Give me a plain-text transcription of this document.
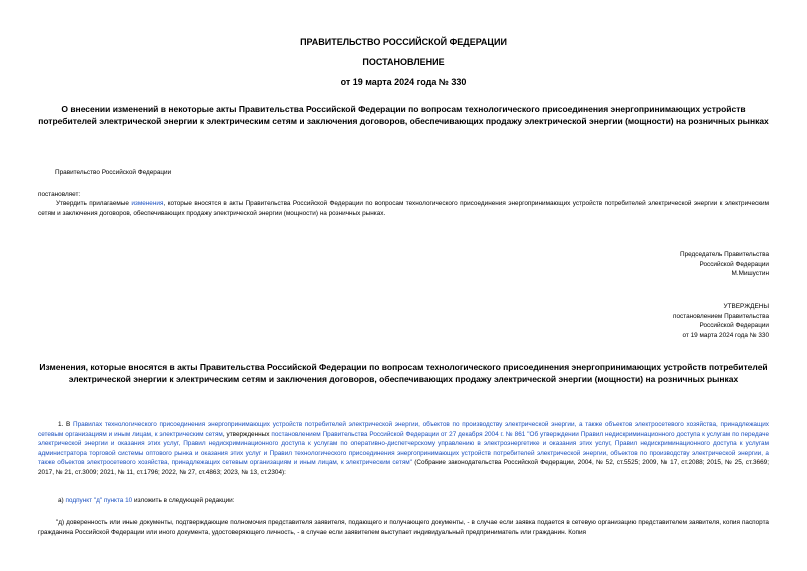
ПРАВИТЕЛЬСТВО РОССИЙСКОЙ ФЕДЕРАЦИИ
ПОСТАНОВЛЕНИЕ
от 19 марта 2024 года № 330
О внесении изменений в некоторые акты Правительства Российской Федерации по вопросам технологического присоединения энергопринимающих устройств потребителей электрической энергии к электрическим сетям и заключения договоров, обеспечивающих продажу электрической энергии (мощности) на розничных рынках
Правительство Российской Федерации
постановляет:
Утвердить прилагаемые изменения, которые вносятся в акты Правительства Российской Федерации по вопросам технологического присоединения энергопринимающих устройств потребителей электрической энергии к электрическим сетям и заключения договоров, обеспечивающих продажу электрической энергии (мощности) на розничных рынках.
Председатель Правительства
Российской Федерации
М.Мишустин
УТВЕРЖДЕНЫ
постановлением Правительства
Российской Федерации
от 19 марта 2024 года № 330
Изменения, которые вносятся в акты Правительства Российской Федерации по вопросам технологического присоединения энергопринимающих устройств потребителей электрической энергии к электрическим сетям и заключения договоров, обеспечивающих продажу электрической энергии (мощности) на розничных рынках
1. В Правилах технологического присоединения энергопринимающих устройств потребителей электрической энергии, объектов по производству электрической энергии, а также объектов электросетевого хозяйства, принадлежащих сетевым организациям и иным лицам, к электрическим сетям, утвержденных постановлением Правительства Российской Федерации от 27 декабря 2004 г. № 861 "Об утверждении Правил недискриминационного доступа к услугам по передаче электрической энергии и оказания этих услуг, Правил недискриминационного доступа к услугам по оперативно-диспетчерскому управлению в электроэнергетике и оказания этих услуг, Правил недискриминационного доступа к услугам администратора торговой системы оптового рынка и оказания этих услуг и Правил технологического присоединения энергопринимающих устройств потребителей электрической энергии, объектов по производству электрической энергии, а также объектов электросетевого хозяйства, принадлежащих сетевым организациям и иным лицам, к электрическим сетям" (Собрание законодательства Российской Федерации, 2004, № 52, ст.5525; 2009, № 17, ст.2088; 2015, № 25, ст.3669; 2017, № 21, ст.3009; 2021, № 11, ст.1796; 2022, № 27, ст.4863; 2023, № 13, ст.2304):
а) подпункт "д" пункта 10 изложить в следующей редакции:
"д) доверенность или иные документы, подтверждающие полномочия представителя заявителя, подающего и получающего документы, - в случае если заявка подается в сетевую организацию представителем заявителя, копия паспорта гражданина Российской Федерации или иного документа, удостоверяющего личность, - в случае если заявителем выступает индивидуальный предприниматель или гражданин. Копия
